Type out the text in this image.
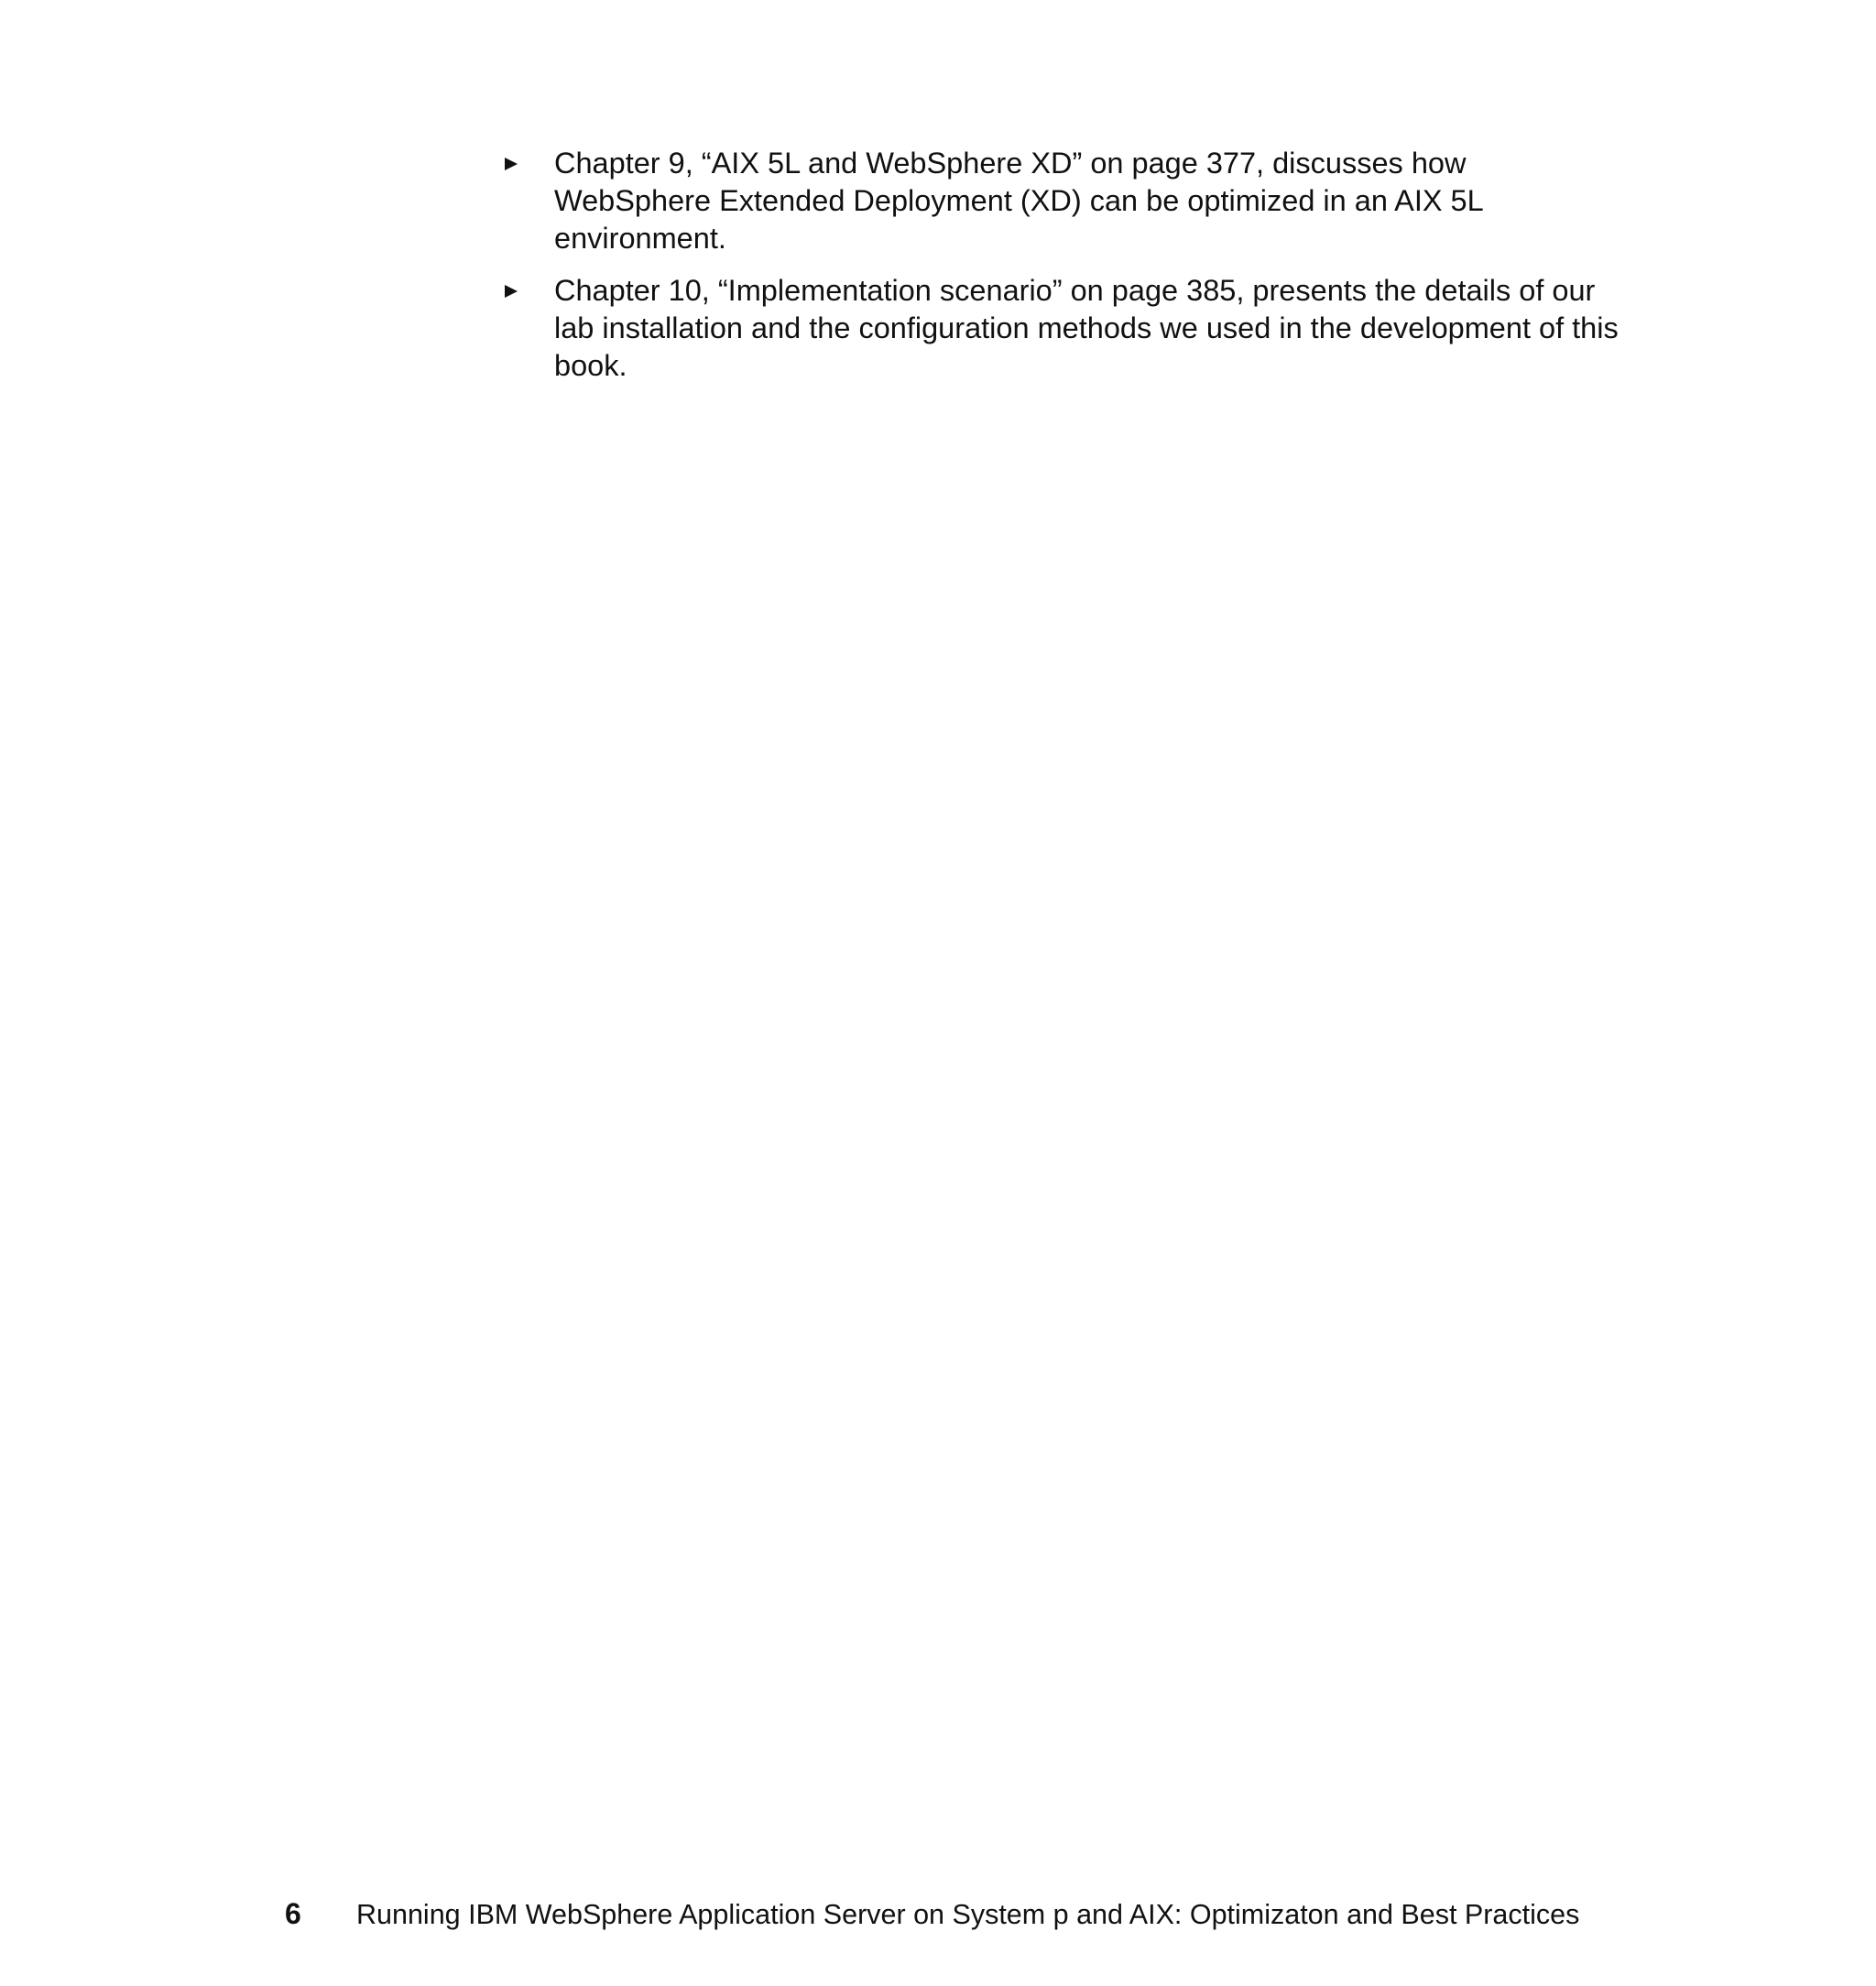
Chapter 9, “AIX 5L and WebSphere XD” on page 377, discusses how WebSphere Extended Deployment (XD) can be optimized in an AIX 5L environment.
Chapter 10, “Implementation scenario” on page 385, presents the details of our lab installation and the configuration methods we used in the development of this book.
6 Running IBM WebSphere Application Server on System p and AIX: Optimizaton and Best Practices
